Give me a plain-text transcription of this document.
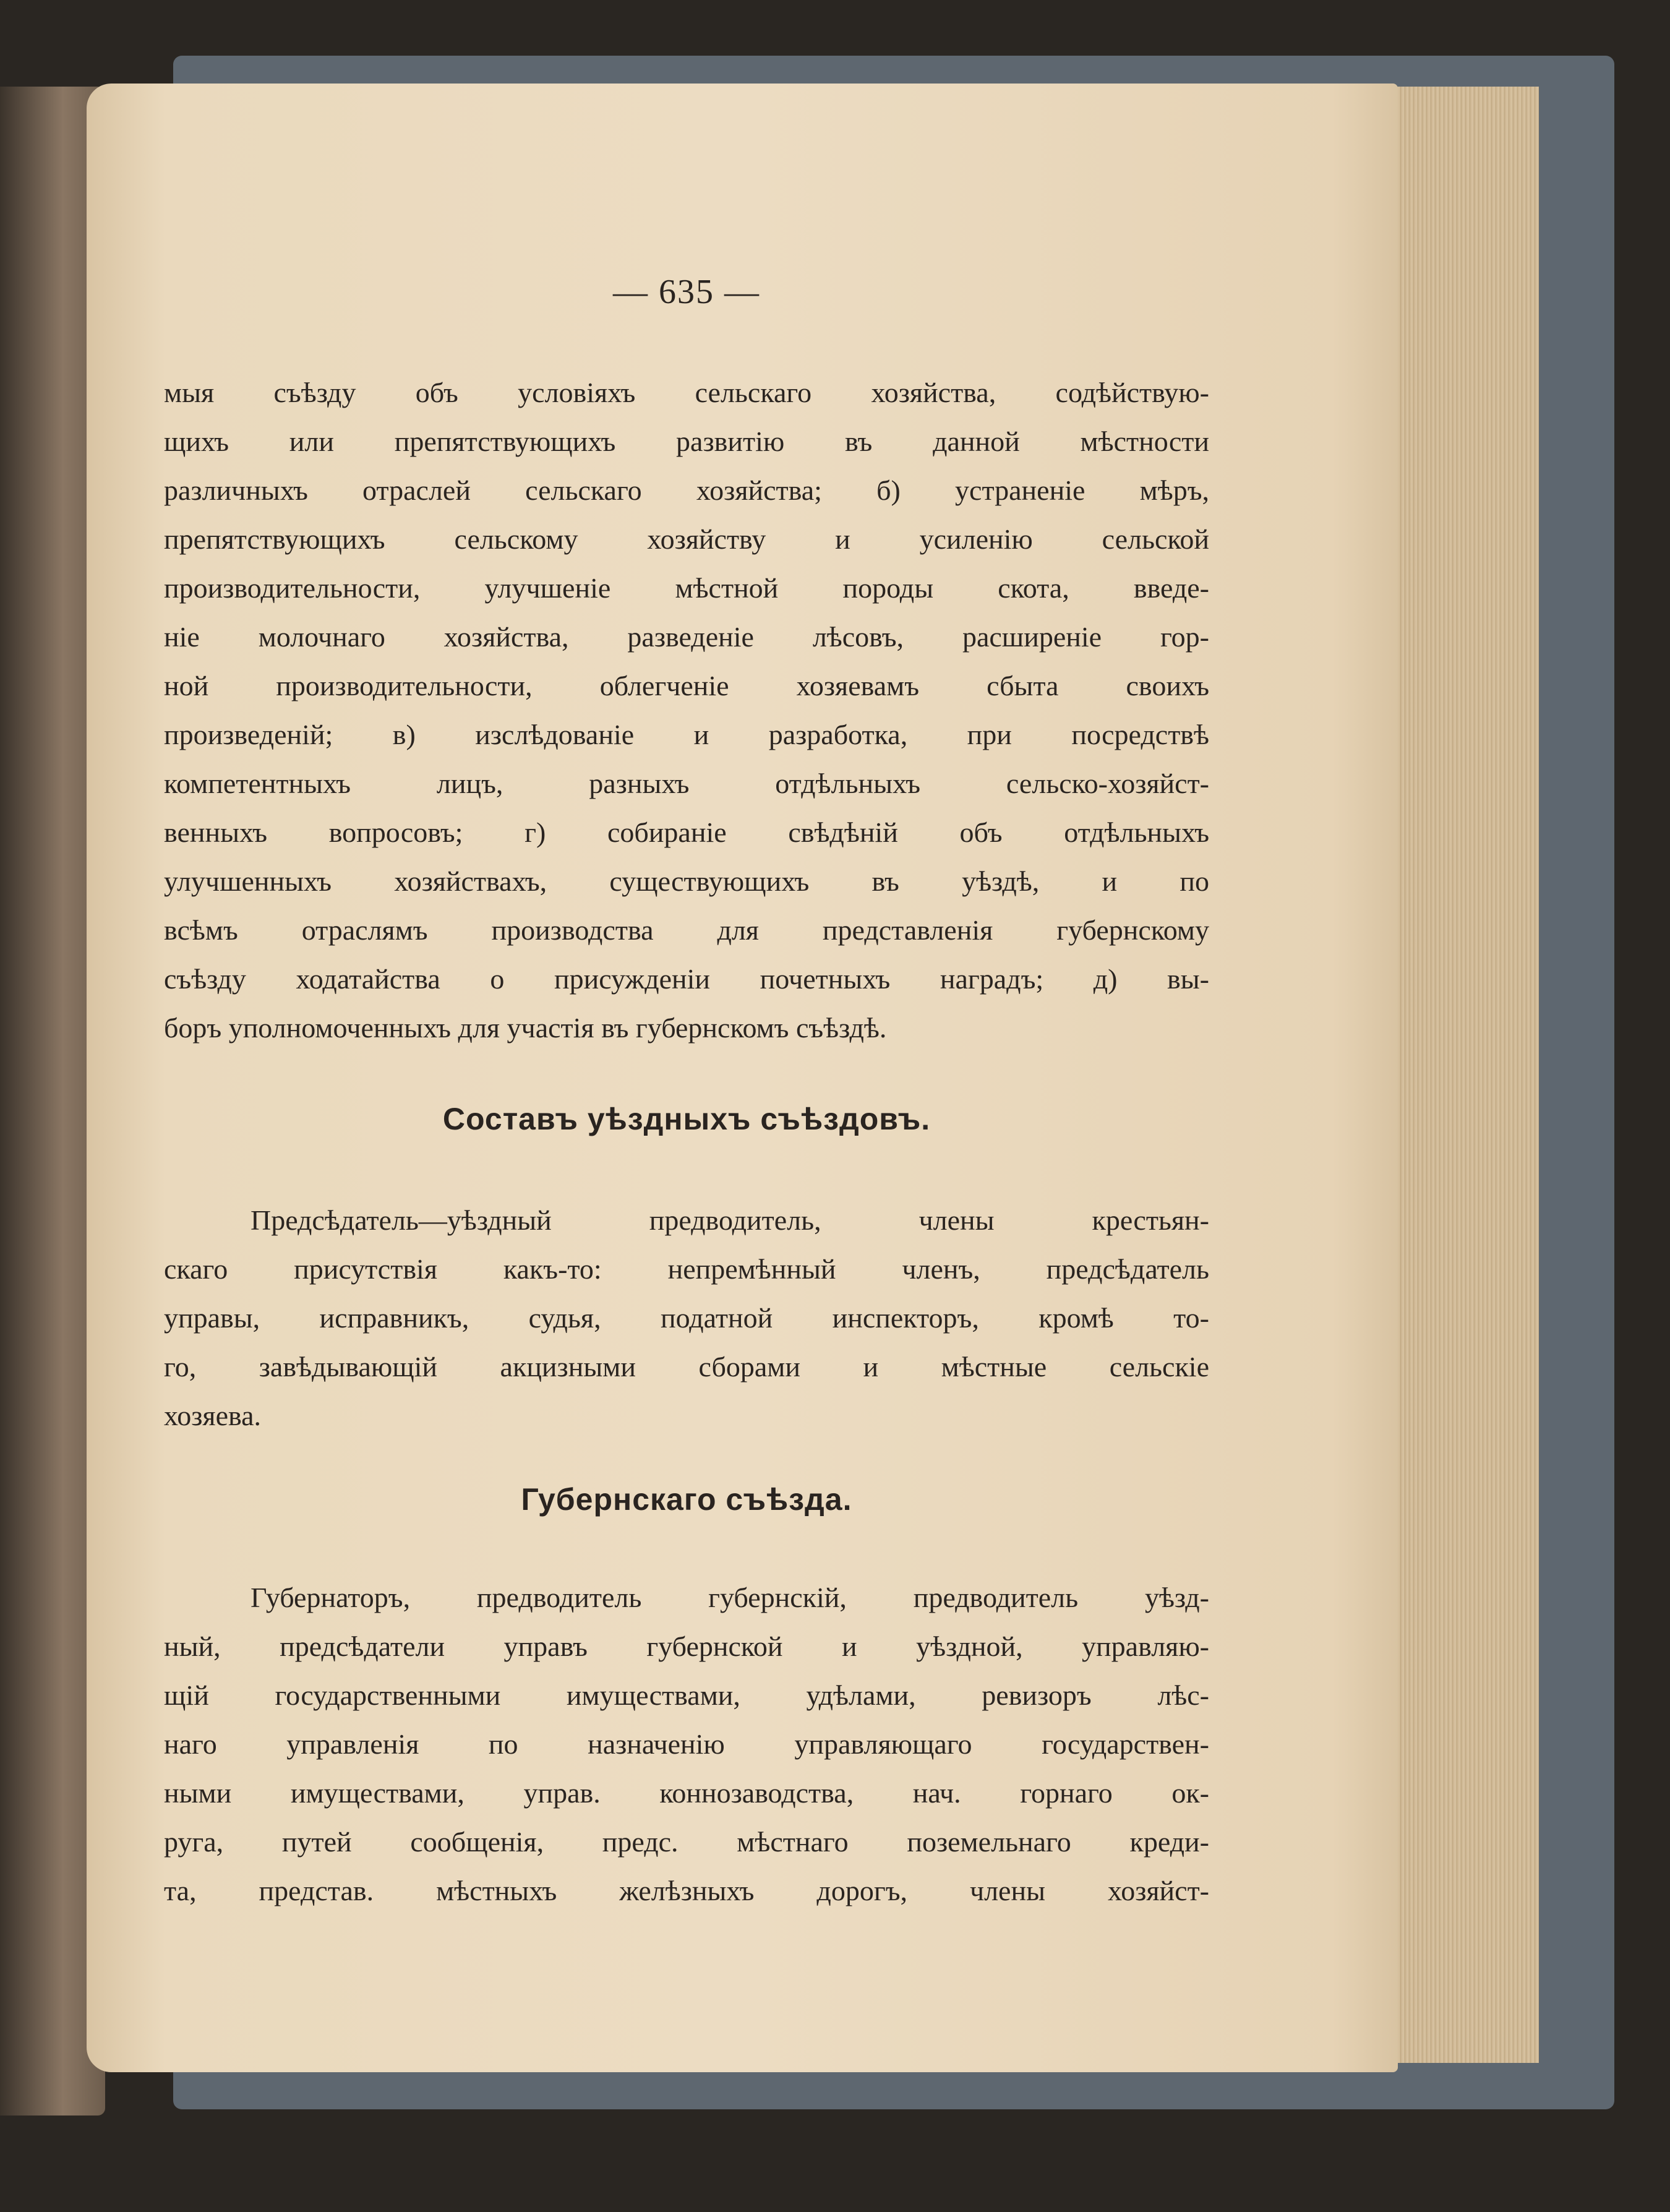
— 635 —
мыя съѣзду объ условіяхъ сельскаго хозяйства, содѣйствую-
щихъ или препятствующихъ развитію въ данной мѣстности
различныхъ отраслей сельскаго хозяйства; б) устраненіе мѣръ,
препятствующихъ сельскому хозяйству и усиленію сельской
производительности, улучшеніе мѣстной породы скота, введе-
ніе молочнаго хозяйства, разведеніе лѣсовъ, расширеніе гор-
ной производительности, облегченіе хозяевамъ сбыта своихъ
произведеній; в) изслѣдованіе и разработка, при посредствѣ
компетентныхъ лицъ, разныхъ отдѣльныхъ сельско-хозяйст-
венныхъ вопросовъ; г) собираніе свѣдѣній объ отдѣльныхъ
улучшенныхъ хозяйствахъ, существующихъ въ уѣздѣ, и по
всѣмъ отраслямъ производства для представленія губернскому
съѣзду ходатайства о присужденіи почетныхъ наградъ; д) вы-
боръ уполномоченныхъ для участія въ губернскомъ съѣздѣ.
Составъ уѣздныхъ съѣздовъ.
Предсѣдатель—уѣздный предводитель, члены крестьян-
скаго присутствія какъ-то: непремѣнный членъ, предсѣдатель
управы, исправникъ, судья, податной инспекторъ, кромѣ то-
го, завѣдывающій акцизными сборами и мѣстные сельскіе
хозяева.
Губернскаго съѣзда.
Губернаторъ, предводитель губернскій, предводитель уѣзд-
ный, предсѣдатели управъ губернской и уѣздной, управляю-
щій государственными имуществами, удѣлами, ревизоръ лѣс-
наго управленія по назначенію управляющаго государствен-
ными имуществами, управ. коннозаводства, нач. горнаго ок-
руга, путей сообщенія, предс. мѣстнаго поземельнаго креди-
та, представ. мѣстныхъ желѣзныхъ дорогъ, члены хозяйст-
